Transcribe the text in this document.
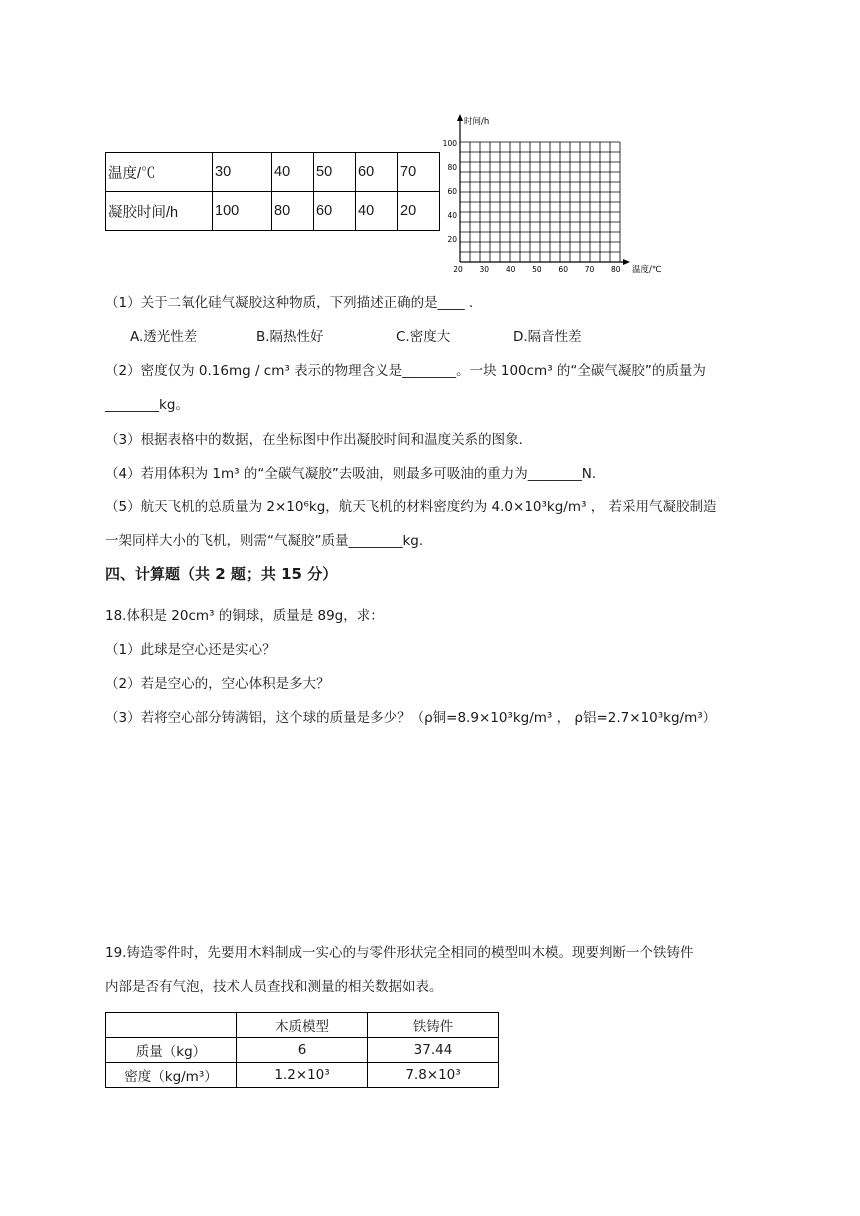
温度/℃	30	40	50	60	70
凝胶时间/h	100	80	60	40	20
时间/h
温度/℃
100
80
60
40
20
20 30 40 50 60 70 80
（1）关于二氧化硅气凝胶这种物质，下列描述正确的是____ .
A.透光性差	B.隔热性好	C.密度大	D.隔音性差
（2）密度仅为 0.16mg / cm³ 表示的物理含义是________。一块 100cm³ 的“全碳气凝胶”的质量为
________kg。
（3）根据表格中的数据，在坐标图中作出凝胶时间和温度关系的图象.
（4）若用体积为 1m³ 的“全碳气凝胶”去吸油，则最多可吸油的重力为________N.
（5）航天飞机的总质量为 2×10⁶kg，航天飞机的材料密度约为 4.0×10³kg/m³ ， 若采用气凝胶制造
一架同样大小的飞机，则需“气凝胶”质量________kg.
四、计算题（共 2 题；共 15 分）
18.体积是 20cm³ 的铜球，质量是 89g，求：
（1）此球是空心还是实心？
（2）若是空心的，空心体积是多大？
（3）若将空心部分铸满铝，这个球的质量是多少？（ρ铜=8.9×10³kg/m³ ， ρ铝=2.7×10³kg/m³）
19.铸造零件时，先要用木料制成一实心的与零件形状完全相同的模型叫木模。现要判断一个铁铸件
内部是否有气泡，技术人员查找和测量的相关数据如表。
	木质模型	铁铸件
质量（kg）	6	37.44
密度（kg/m³）	1.2×10³	7.8×10³
